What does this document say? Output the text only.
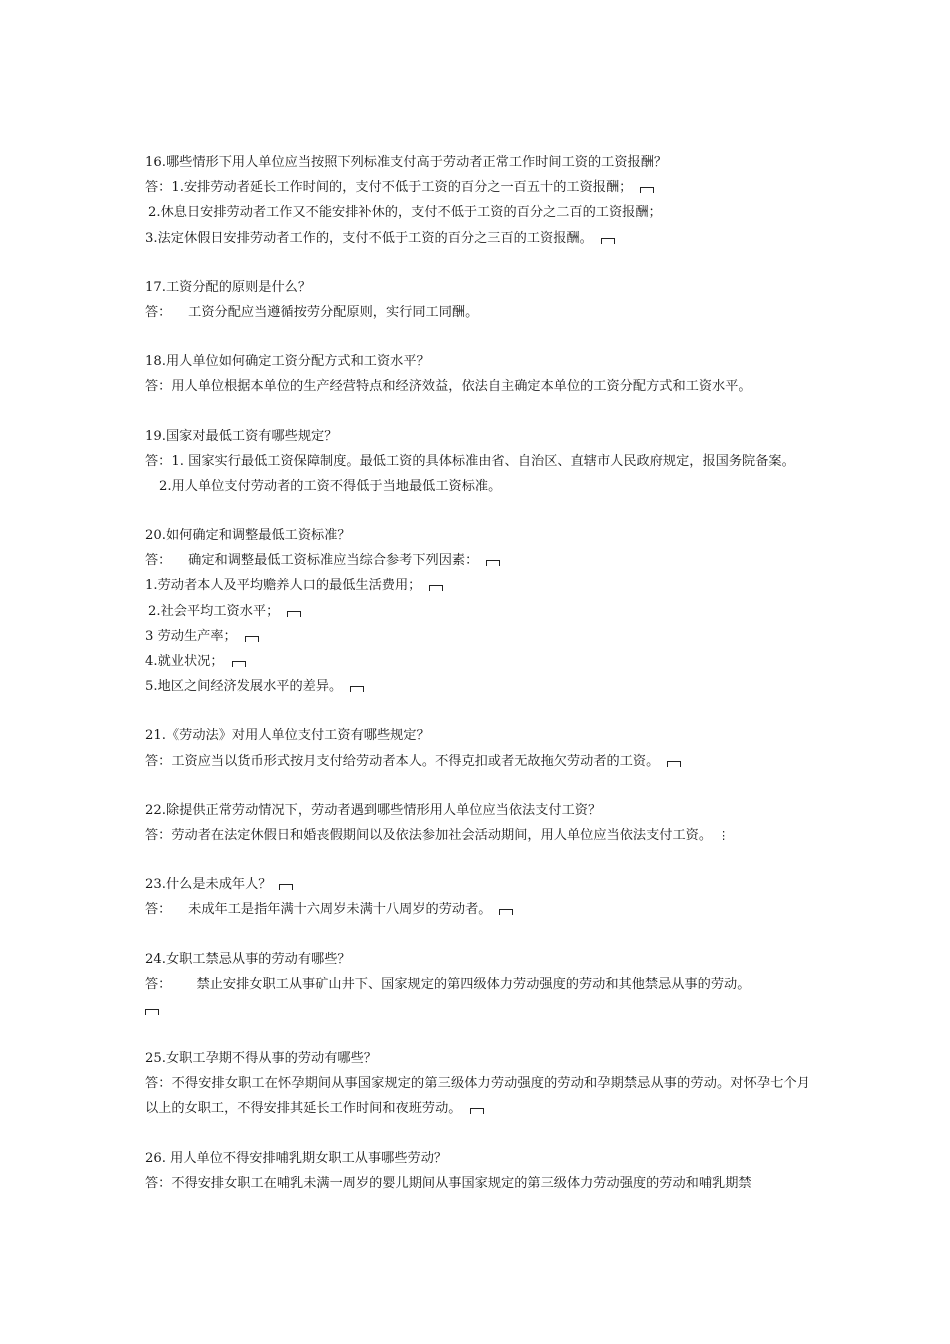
16.哪些情形下用人单位应当按照下列标准支付高于劳动者正常工作时间工资的工资报酬？
答：1.安排劳动者延长工作时间的，支付不低于工资的百分之一百五十的工资报酬；
2.休息日安排劳动者工作又不能安排补休的，支付不低于工资的百分之二百的工资报酬；
3.法定休假日安排劳动者工作的，支付不低于工资的百分之三百的工资报酬。
17.工资分配的原则是什么？
答：    工资分配应当遵循按劳分配原则，实行同工同酬。
18.用人单位如何确定工资分配方式和工资水平？
答：用人单位根据本单位的生产经营特点和经济效益，依法自主确定本单位的工资分配方式和工资水平。
19.国家对最低工资有哪些规定？
答：1. 国家实行最低工资保障制度。最低工资的具体标准由省、自治区、直辖市人民政府规定，报国务院备案。
2.用人单位支付劳动者的工资不得低于当地最低工资标准。
20.如何确定和调整最低工资标准？
答：    确定和调整最低工资标准应当综合参考下列因素：
1.劳动者本人及平均赡养人口的最低生活费用；
2.社会平均工资水平；
3 劳动生产率；
4.就业状况；
5.地区之间经济发展水平的差异。
21.《劳动法》对用人单位支付工资有哪些规定？
答：工资应当以货币形式按月支付给劳动者本人。不得克扣或者无故拖欠劳动者的工资。
22.除提供正常劳动情况下，劳动者遇到哪些情形用人单位应当依法支付工资？
答：劳动者在法定休假日和婚丧假期间以及依法参加社会活动期间，用人单位应当依法支付工资。 ⋮
23.什么是未成年人？
答：    未成年工是指年满十六周岁未满十八周岁的劳动者。
24.女职工禁忌从事的劳动有哪些？
答：      禁止安排女职工从事矿山井下、国家规定的第四级体力劳动强度的劳动和其他禁忌从事的劳动。
25.女职工孕期不得从事的劳动有哪些？
答：不得安排女职工在怀孕期间从事国家规定的第三级体力劳动强度的劳动和孕期禁忌从事的劳动。对怀孕七个月以上的女职工，不得安排其延长工作时间和夜班劳动。
26. 用人单位不得安排哺乳期女职工从事哪些劳动？
答：不得安排女职工在哺乳未满一周岁的婴儿期间从事国家规定的第三级体力劳动强度的劳动和哺乳期禁
